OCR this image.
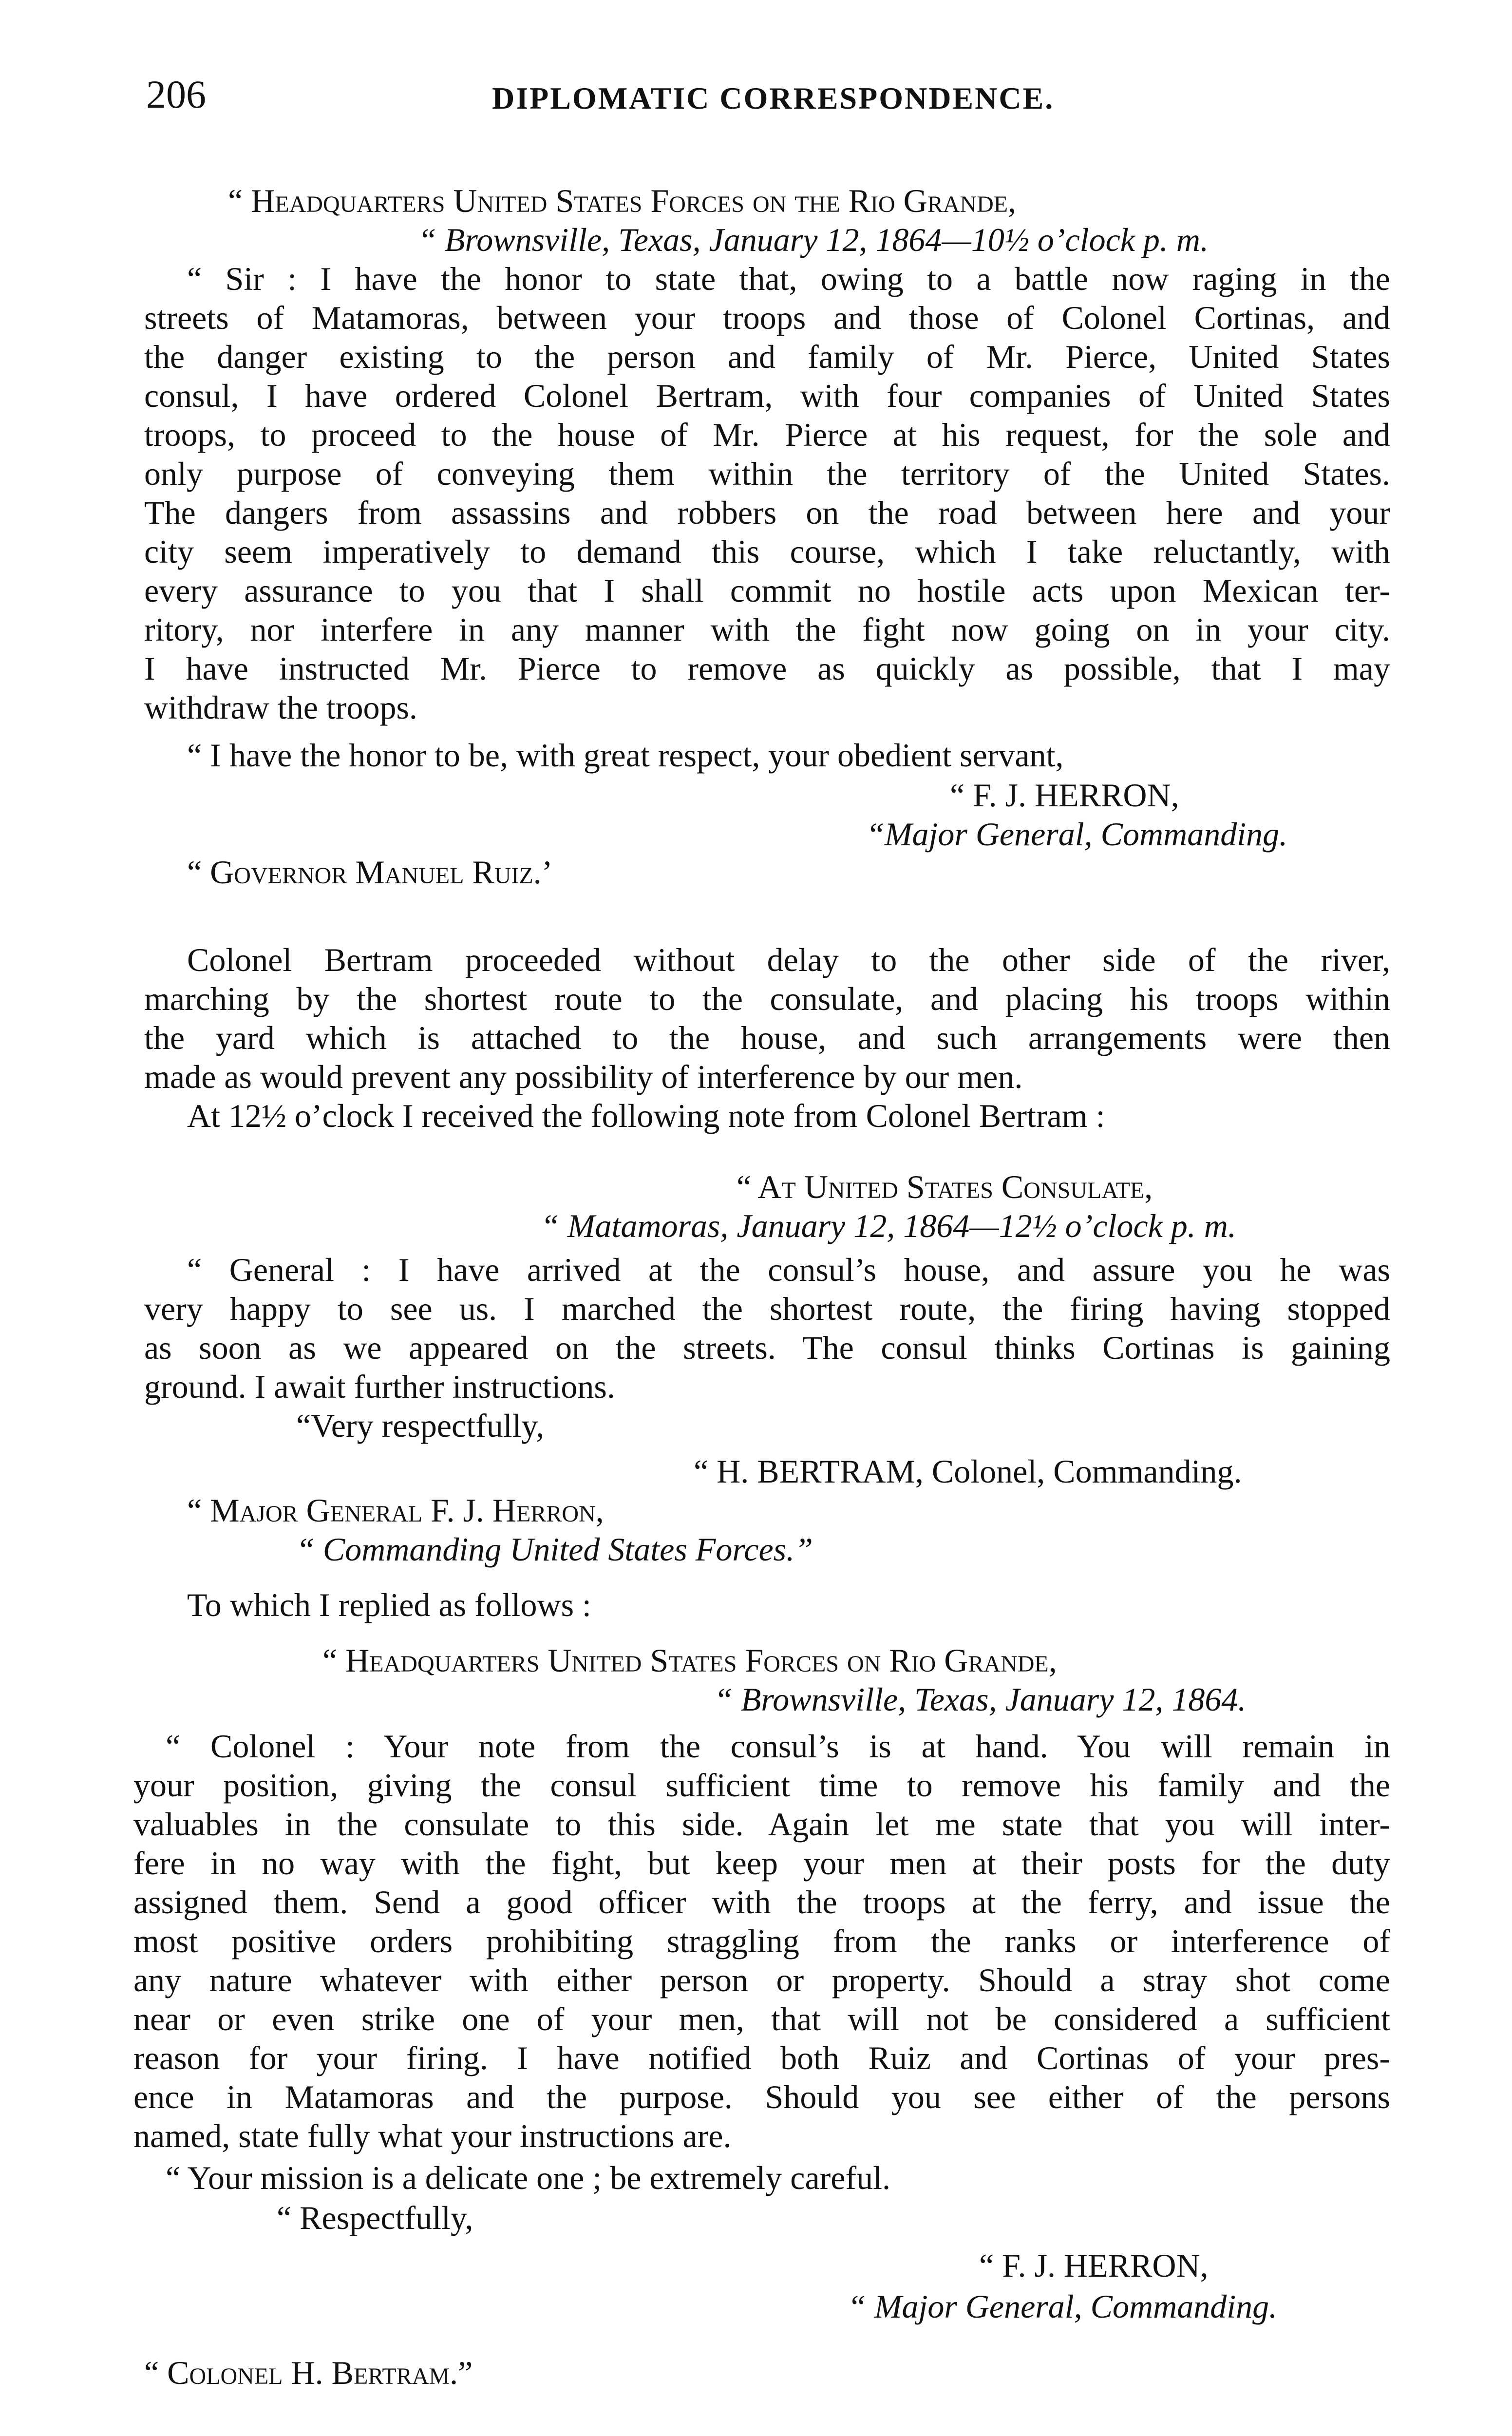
206	DIPLOMATIC CORRESPONDENCE.
“ Headquarters United States Forces on the Rio Grande,
“ Brownsville, Texas, January 12, 1864—10½ o’clock p. m.
“ Sir : I have the honor to state that, owing to a battle now raging in the
streets of Matamoras, between your troops and those of Colonel Cortinas, and
the danger existing to the person and family of Mr. Pierce, United States
consul, I have ordered Colonel Bertram, with four companies of United States
troops, to proceed to the house of Mr. Pierce at his request, for the sole and
only purpose of conveying them within the territory of the United States.
The dangers from assassins and robbers on the road between here and your
city seem imperatively to demand this course, which I take reluctantly, with
every assurance to you that I shall commit no hostile acts upon Mexican ter-
ritory, nor interfere in any manner with the fight now going on in your city.
I have instructed Mr. Pierce to remove as quickly as possible, that I may
withdraw the troops.
“ I have the honor to be, with great respect, your obedient servant,
“ F. J. HERRON,
“Major General, Commanding.
“ Governor Manuel Ruiz.’
Colonel Bertram proceeded without delay to the other side of the river,
marching by the shortest route to the consulate, and placing his troops within
the yard which is attached to the house, and such arrangements were then
made as would prevent any possibility of interference by our men.
At 12½ o’clock I received the following note from Colonel Bertram :
“ At United States Consulate,
“ Matamoras, January 12, 1864—12½ o’clock p. m.
“ General : I have arrived at the consul’s house, and assure you he was
very happy to see us. I marched the shortest route, the firing having stopped
as soon as we appeared on the streets. The consul thinks Cortinas is gaining
ground. I await further instructions.
“Very respectfully,
“ H. BERTRAM, Colonel, Commanding.
“ Major General F. J. Herron,
“ Commanding United States Forces.”
To which I replied as follows :
“ Headquarters United States Forces on Rio Grande,
“ Brownsville, Texas, January 12, 1864.
“ Colonel : Your note from the consul’s is at hand. You will remain in
your position, giving the consul sufficient time to remove his family and the
valuables in the consulate to this side. Again let me state that you will inter-
fere in no way with the fight, but keep your men at their posts for the duty
assigned them. Send a good officer with the troops at the ferry, and issue the
most positive orders prohibiting straggling from the ranks or interference of
any nature whatever with either person or property. Should a stray shot come
near or even strike one of your men, that will not be considered a sufficient
reason for your firing. I have notified both Ruiz and Cortinas of your pres-
ence in Matamoras and the purpose. Should you see either of the persons
named, state fully what your instructions are.
“ Your mission is a delicate one ; be extremely careful.
“ Respectfully,
“ F. J. HERRON,
“ Major General, Commanding.
“ Colonel H. Bertram.”
